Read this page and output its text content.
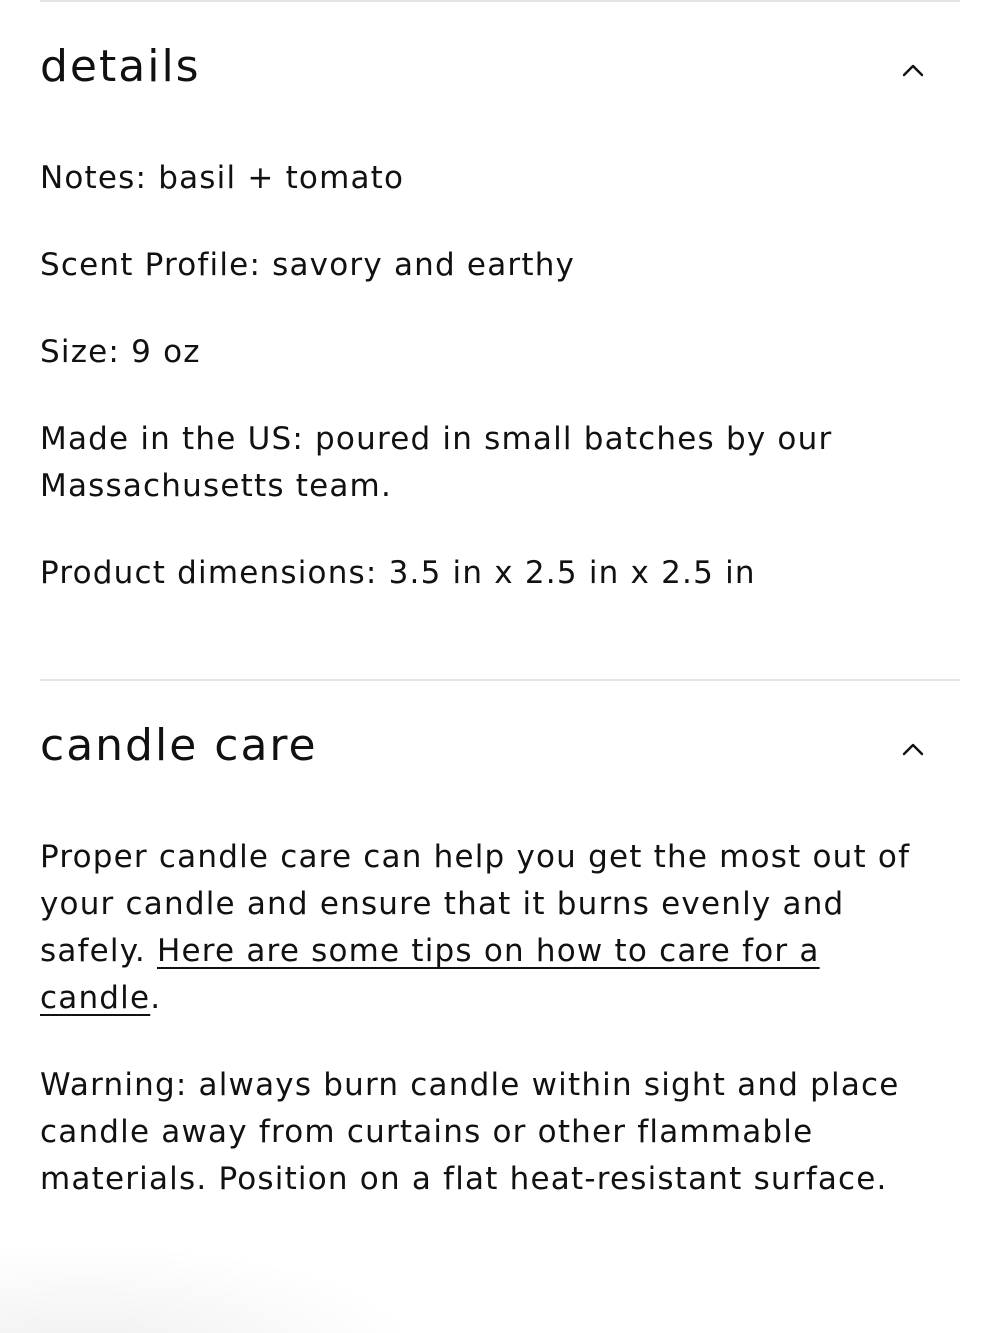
details

Notes: basil + tomato

Scent Profile: savory and earthy

Size: 9 oz

Made in the US: poured in small batches by our Massachusetts team.

Product dimensions: 3.5 in x 2.5 in x 2.5 in

candle care

Proper candle care can help you get the most out of your candle and ensure that it burns evenly and safely. Here are some tips on how to care for a candle.

Warning: always burn candle within sight and place candle away from curtains or other flammable materials. Position on a flat heat-resistant surface.
